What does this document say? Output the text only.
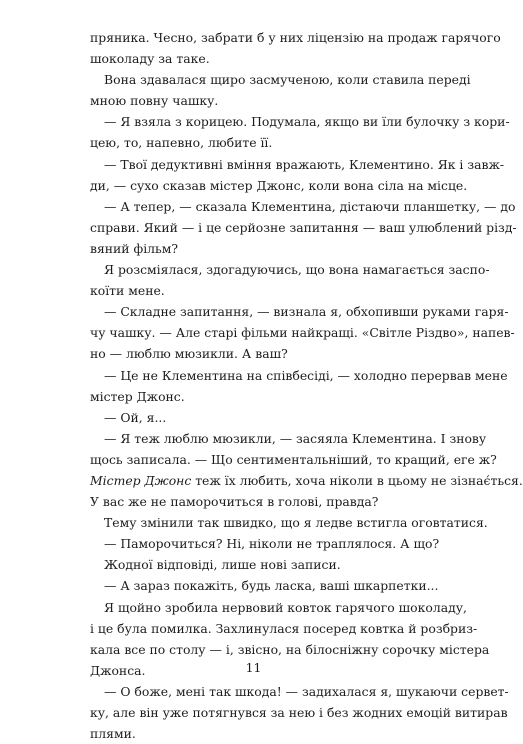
пряника. Чесно, забрати б у них ліцензію на продаж гарячого
шоколаду за таке.
Вона здавалася щиро засмученою, коли ставила переді
мною повну чашку.
— Я взяла з корицею. Подумала, якщо ви їли булочку з кори-
цею, то, напевно, любите її.
— Твої дедуктивні вміння вражають, Клементино. Як і завж-
ди, — сухо сказав містер Джонс, коли вона сіла на місце.
— А тепер, — сказала Клементина, дістаючи планшетку, — до
справи. Який — і це серйозне запитання — ваш улюблений різд-
вяний фільм?
Я розсміялася, здогадуючись, що вона намагається заспо-
коїти мене.
— Складне запитання, — визнала я, обхопивши руками гаря-
чу чашку. — Але старі фільми найкращі. «Світле Різдво», напев-
но — люблю мюзикли. А ваш?
— Це не Клементина на співбесіді, — холодно перервав мене
містер Джонс.
— Ой, я...
— Я теж люблю мюзикли, — засяяла Клементина. І знову
щось записала. — Що сентиментальніший, то кращий, еге ж?
Містер Джонс теж їх любить, хоча ніколи в цьому не зізнає́ться.
У вас же не паморочиться в голові, правда?
Тему змінили так швидко, що я ледве встигла оговтатися.
— Паморочиться? Ні, ніколи не траплялося. А що?
Жодної відповіді, лише нові записи.
— А зараз покажіть, будь ласка, ваші шкарпетки...
Я щойно зробила нервовий ковток гарячого шоколаду,
і це була помилка. Захлинулася посеред ковтка й розбриз-
кала все по столу — і, звісно, на білосніжну сорочку містера
Джонса.
— О боже, мені так шкода! — задихалася я, шукаючи сервет-
ку, але він уже потягнувся за нею і без жодних емоцій витирав
плями.
11
